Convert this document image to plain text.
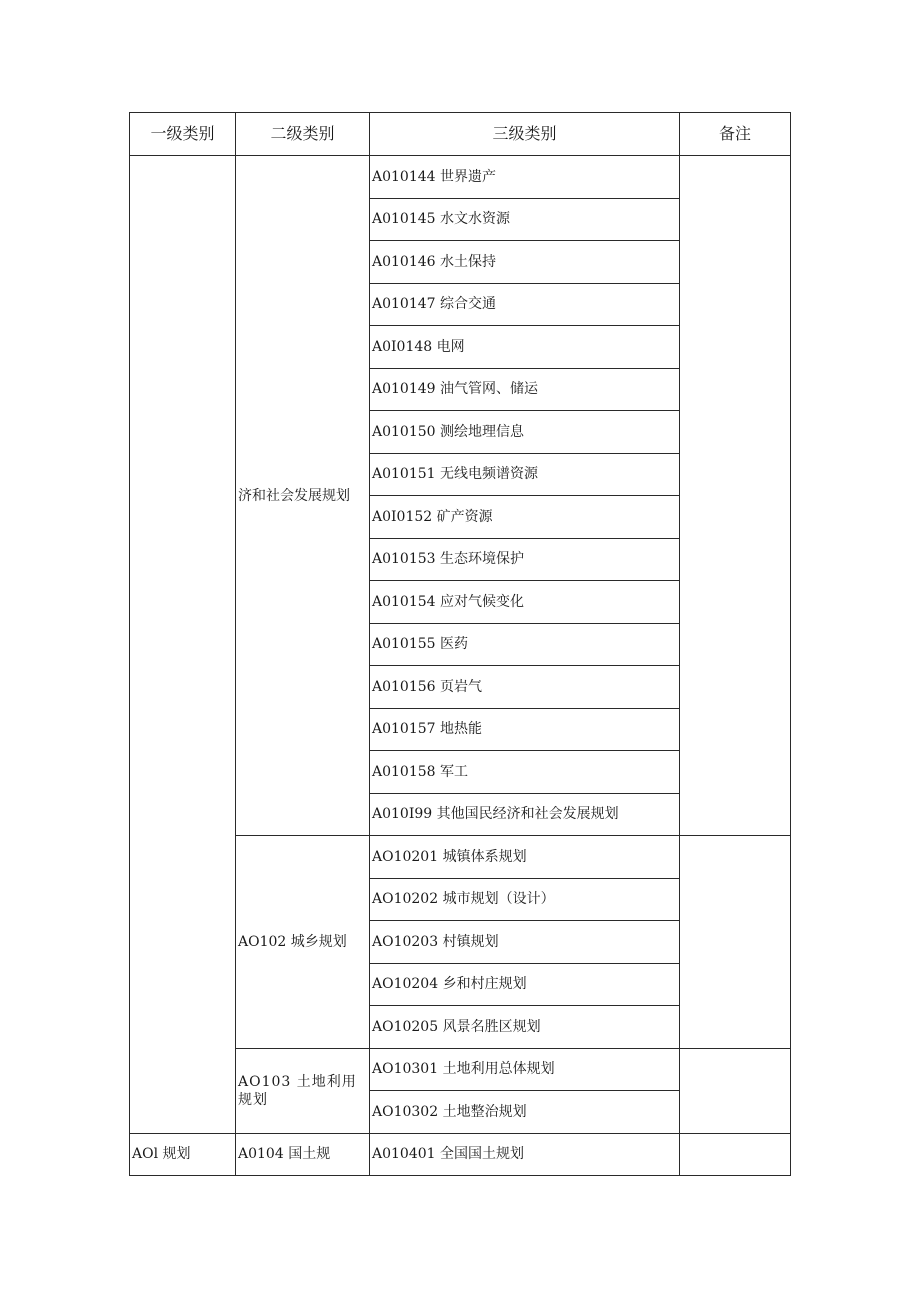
一级类别	二级类别	三级类别	备注
	济和社会发展规划	A010144 世界遗产	
		A010145 水文水资源	
		A010146 水土保持	
		A010147 综合交通	
		A0I0148 电网	
		A010149 油气管网、储运	
		A010150 测绘地理信息	
		A010151 无线电频谱资源	
		A0I0152 矿产资源	
		A010153 生态环境保护	
		A010154 应对气候变化	
		A010155 医药	
		A010156 页岩气	
		A010157 地热能	
		A010158 军工	
		A010I99 其他国民经济和社会发展规划	
	AO102 城乡规划	AO10201 城镇体系规划	
		AO10202 城市规划（设计）	
		AO10203 村镇规划	
		AO10204 乡和村庄规划	
		AO10205 风景名胜区规划	
	AO103 土地利用规划	AO10301 土地利用总体规划	
		AO10302 土地整治规划	
AOl 规划	A0104 国土规	A010401 全国国土规划	
